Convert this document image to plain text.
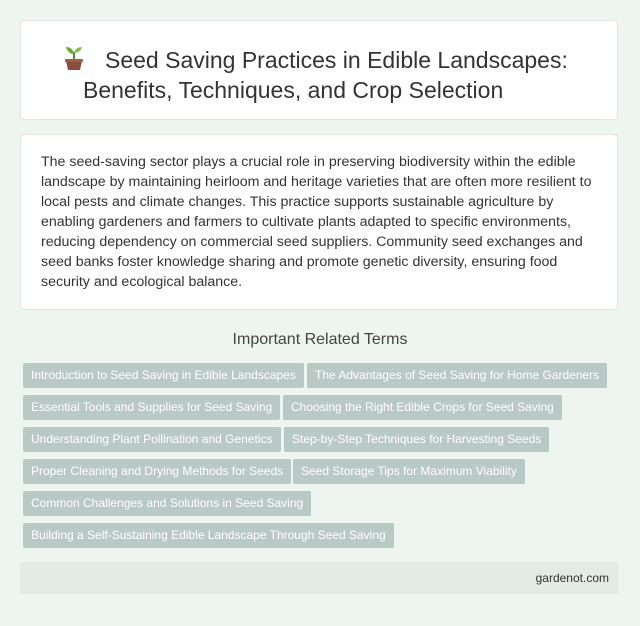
Seed Saving Practices in Edible Landscapes:
Benefits, Techniques, and Crop Selection

The seed-saving sector plays a crucial role in preserving biodiversity within the edible landscape by maintaining heirloom and heritage varieties that are often more resilient to local pests and climate changes. This practice supports sustainable agriculture by enabling gardeners and farmers to cultivate plants adapted to specific environments, reducing dependency on commercial seed suppliers. Community seed exchanges and seed banks foster knowledge sharing and promote genetic diversity, ensuring food security and ecological balance.

Important Related Terms
Introduction to Seed Saving in Edible Landscapes	The Advantages of Seed Saving for Home Gardeners
Essential Tools and Supplies for Seed Saving	Choosing the Right Edible Crops for Seed Saving
Understanding Plant Pollination and Genetics	Step-by-Step Techniques for Harvesting Seeds
Proper Cleaning and Drying Methods for Seeds	Seed Storage Tips for Maximum Viability
Common Challenges and Solutions in Seed Saving
Building a Self-Sustaining Edible Landscape Through Seed Saving
gardenot.com
